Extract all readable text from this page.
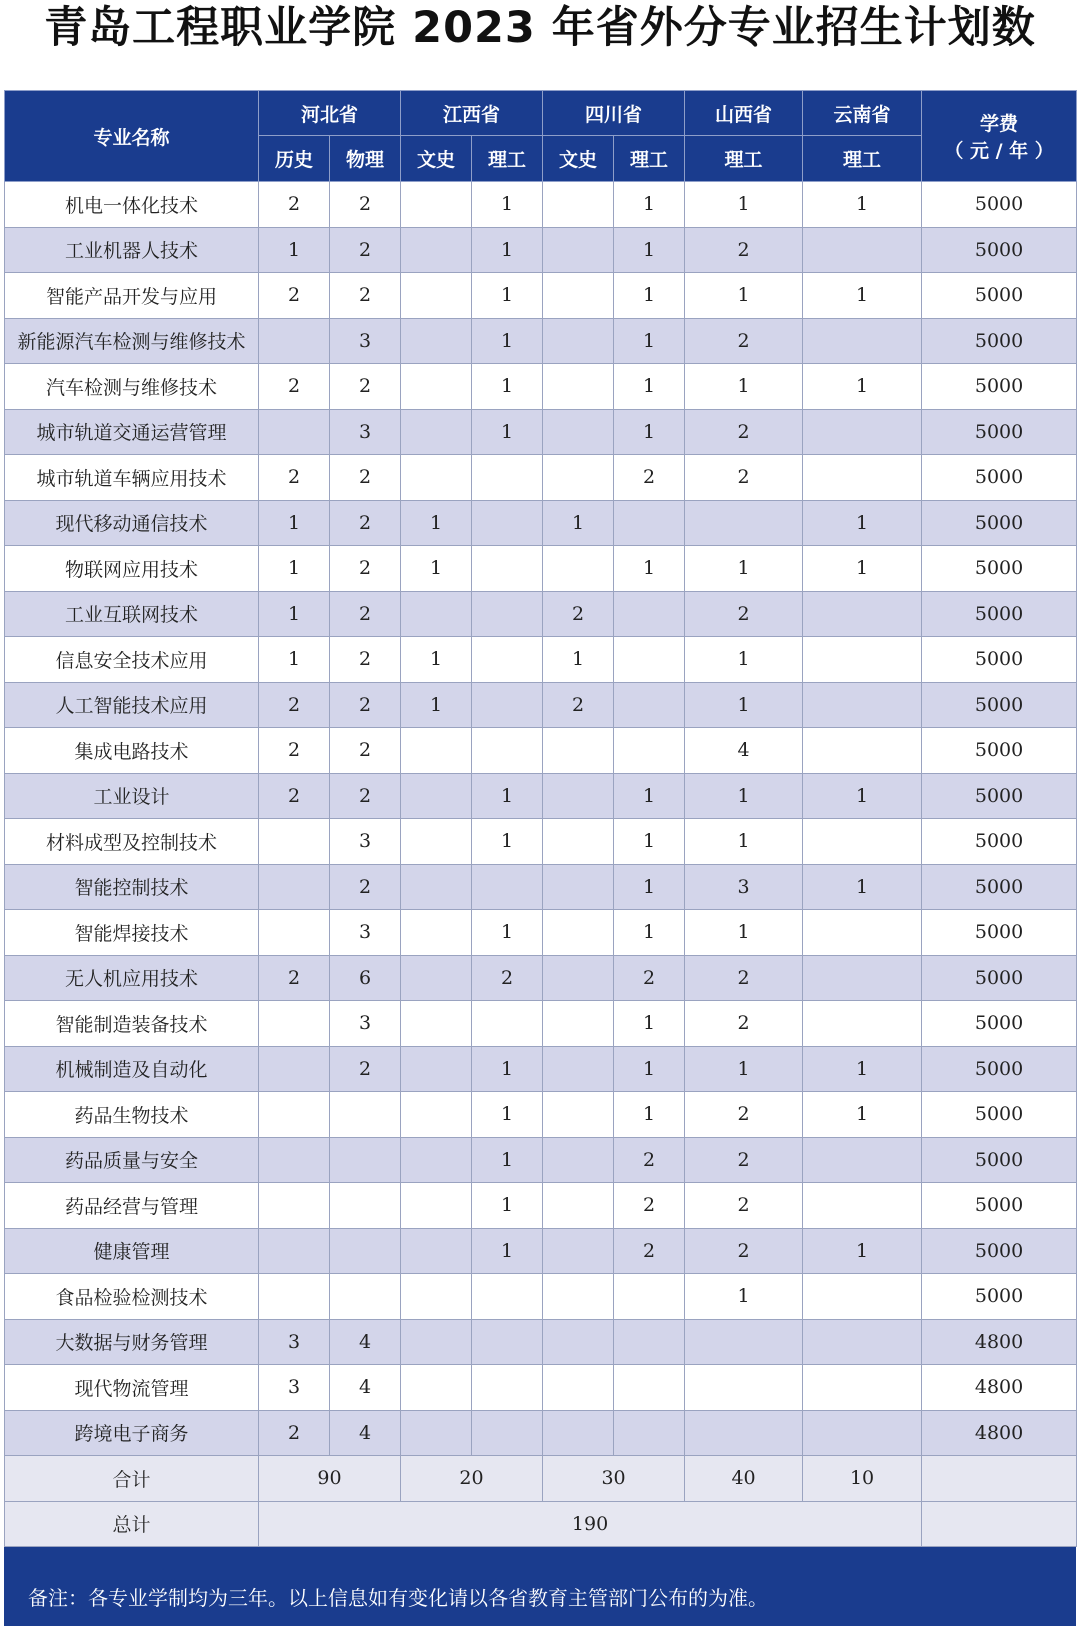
青岛工程职业学院 2023 年省外分专业招生计划数
专业名称	河北省		江西省		四川省		山西省	云南省	学费
（ 元 / 年 ）

	历史	物理	文史	理工	文史	理工	理工	理工	
机电一体化技术	2	2		1		1	1	1	5000
工业机器人技术	1	2		1		1	2		5000
智能产品开发与应用	2	2		1		1	1	1	5000
新能源汽车检测与维修技术		3		1		1	2		5000
汽车检测与维修技术	2	2		1		1	1	1	5000
城市轨道交通运营管理		3		1		1	2		5000
城市轨道车辆应用技术	2	2				2	2		5000
现代移动通信技术	1	2	1		1			1	5000
物联网应用技术	1	2	1			1	1	1	5000
工业互联网技术	1	2			2		2		5000
信息安全技术应用	1	2	1		1		1		5000
人工智能技术应用	2	2	1		2		1		5000
集成电路技术	2	2					4		5000
工业设计	2	2		1		1	1	1	5000
材料成型及控制技术		3		1		1	1		5000
智能控制技术		2				1	3	1	5000
智能焊接技术		3		1		1	1		5000
无人机应用技术	2	6		2		2	2		5000
智能制造装备技术		3				1	2		5000
机械制造及自动化		2		1		1	1	1	5000
药品生物技术				1		1	2	1	5000
药品质量与安全				1		2	2		5000
药品经营与管理				1		2	2		5000
健康管理				1		2	2	1	5000
食品检验检测技术							1		5000
大数据与财务管理	3	4							4800
现代物流管理	3	4							4800
跨境电子商务	2	4							4800
合计	90		20		30		40	10	
总计	190								
备注：各专业学制均为三年。以上信息如有变化请以各省教育主管部门公布的为准。
